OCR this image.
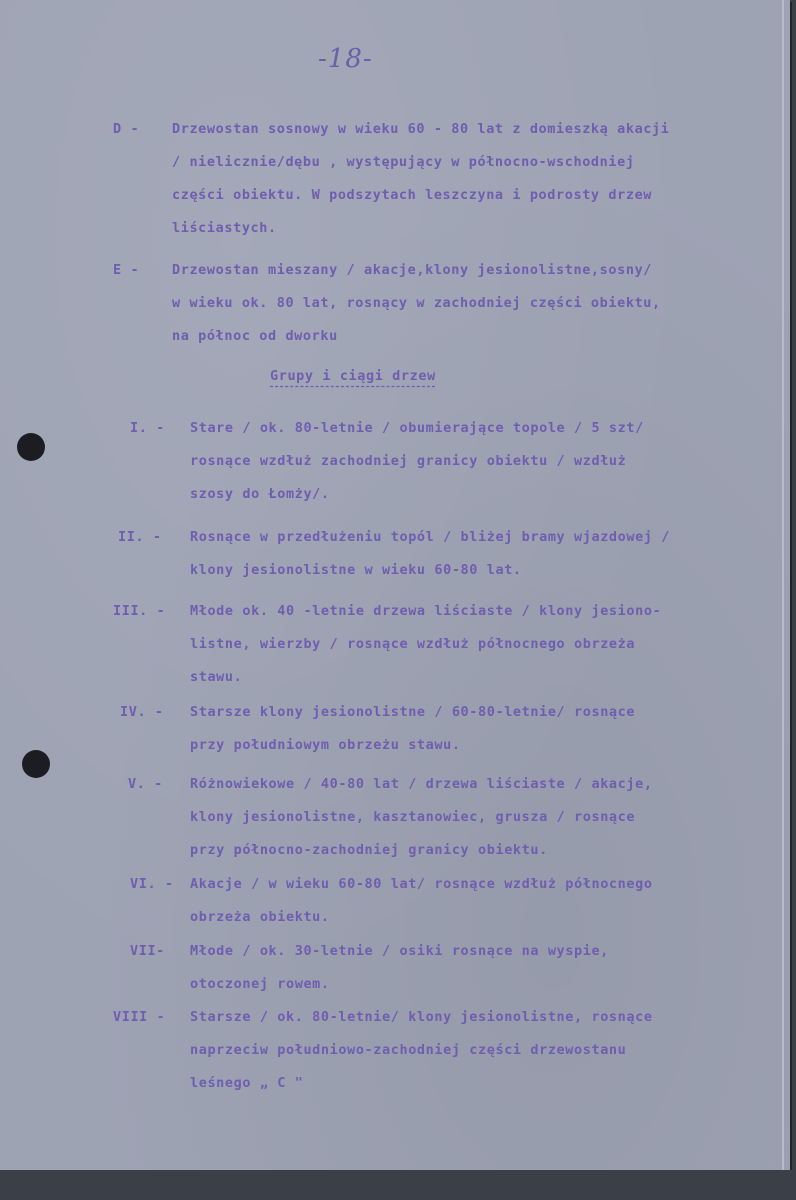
-18-
D - Drzewostan sosnowy w wieku 60 - 80 lat z domieszką akacji
/ nielicznie/dębu , występujący w północno-wschodniej
części obiektu. W podszytach leszczyna i podrosty drzew
liściastych.
E - Drzewostan mieszany / akacje,klony jesionolistne,sosny/
w wieku ok. 80 lat, rosnący w zachodniej części obiektu,
na północ od dworku
Grupy i ciągi drzew
I. - Stare / ok. 80-letnie / obumierające topole / 5 szt/
rosnące wzdłuż zachodniej granicy obiektu / wzdłuż
szosy do Łomży/.
II. - Rosnące w przedłużeniu topól / bliżej bramy wjazdowej /
klony jesionolistne w wieku 60-80 lat.
III. - Młode ok. 40 -letnie drzewa liściaste / klony jesiono-
listne, wierzby / rosnące wzdłuż północnego obrzeża
stawu.
IV. - Starsze klony jesionolistne / 60-80-letnie/ rosnące
przy południowym obrzeżu stawu.
V. - Różnowiekowe / 40-80 lat / drzewa liściaste / akacje,
klony jesionolistne, kasztanowiec, grusza / rosnące
przy północno-zachodniej granicy obiektu.
VI. - Akacje / w wieku 60-80 lat/ rosnące wzdłuż północnego
obrzeża obiektu.
VII- Młode / ok. 30-letnie / osiki rosnące na wyspie,
otoczonej rowem.
VIII - Starsze / ok. 80-letnie/ klony jesionolistne, rosnące
naprzeciw południowo-zachodniej części drzewostanu
leśnego „ C "
